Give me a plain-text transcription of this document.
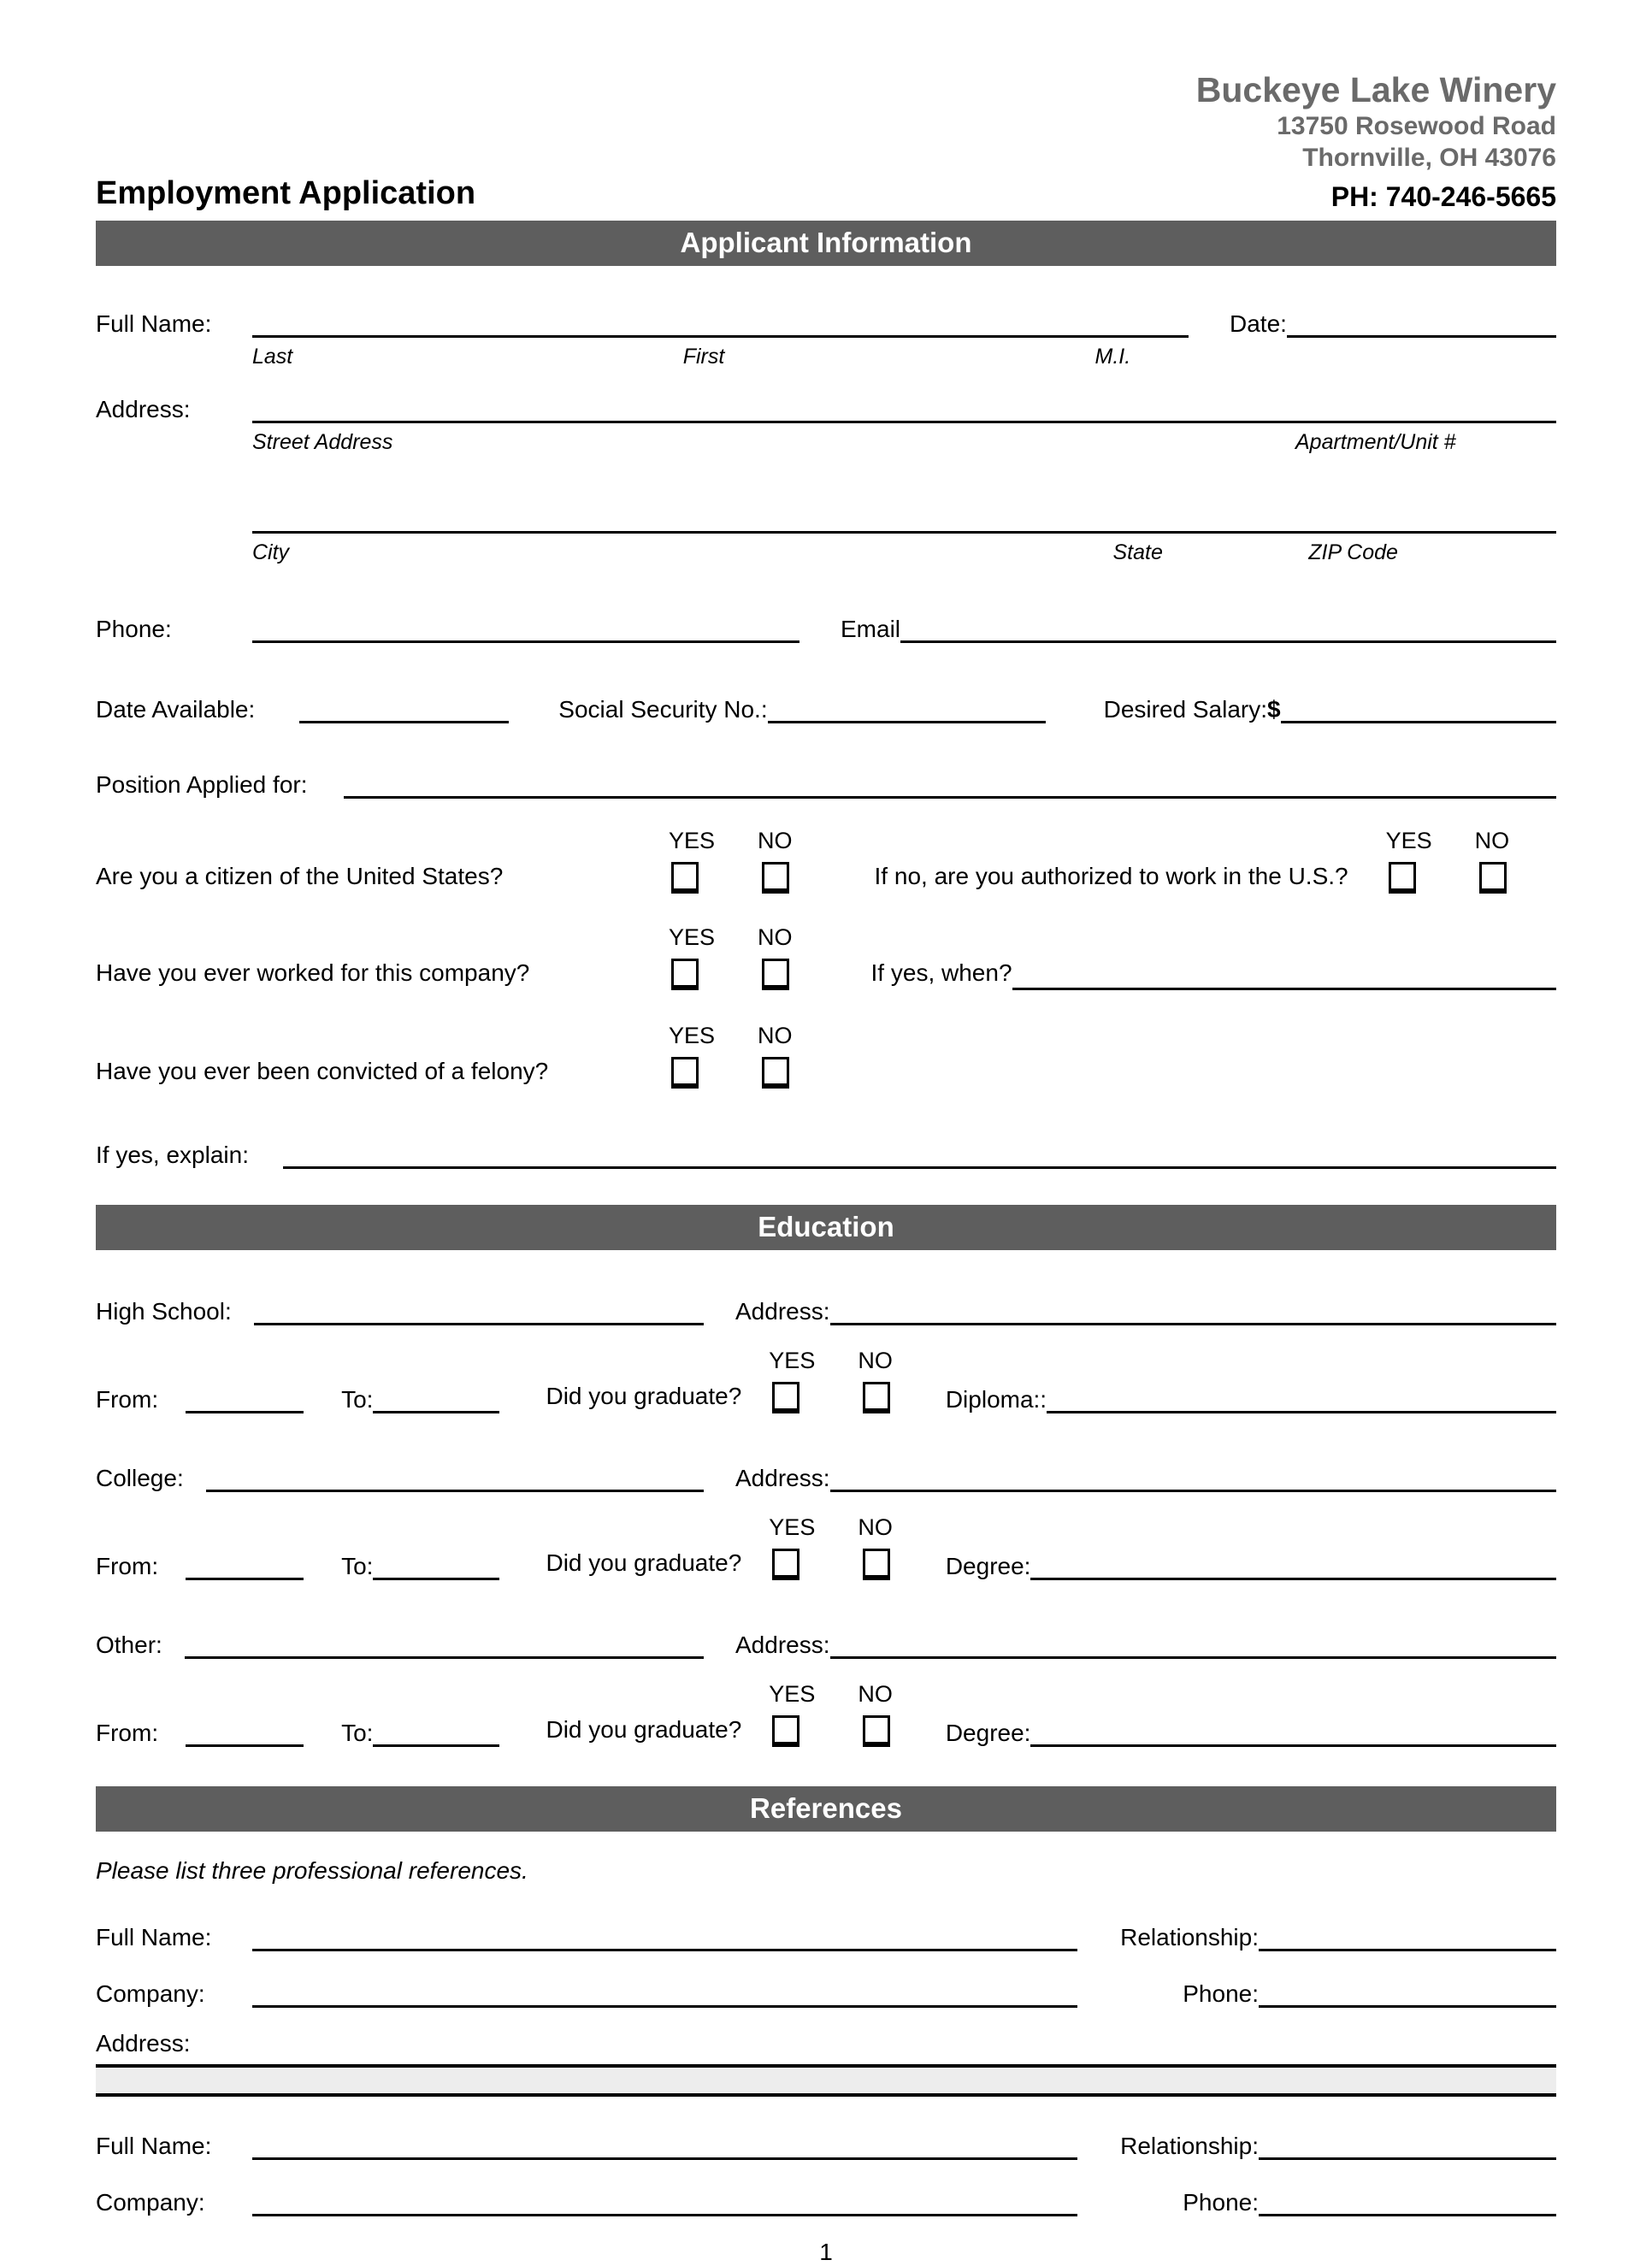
Employment Application
Buckeye Lake Winery
13750 Rosewood Road
Thornville, OH 43076
PH: 740-246-5665
Applicant Information
Full Name:	Date:
Last	First	M.I.
Address:
Street Address	Apartment/Unit #
City	State	ZIP Code
Phone:	Email
Date Available:	Social Security No.:	Desired Salary: $
Position Applied for:
Are you a citizen of the United States?
YES NO
If no, are you authorized to work in the U.S.?
YES NO
Have you ever worked for this company?
YES NO
If yes, when?
Have you ever been convicted of a felony?
YES NO
If yes, explain:
Education
High School:	Address:
From:	To:	Did you graduate?
YES NO
Diploma::
College:	Address:
From:	To:	Did you graduate?
YES NO
Degree:
Other:	Address:
From:	To:	Did you graduate?
YES NO
Degree:
References
Please list three professional references.
Full Name:	Relationship:
Company:	Phone:
Address:
Full Name:	Relationship:
Company:	Phone:
1
